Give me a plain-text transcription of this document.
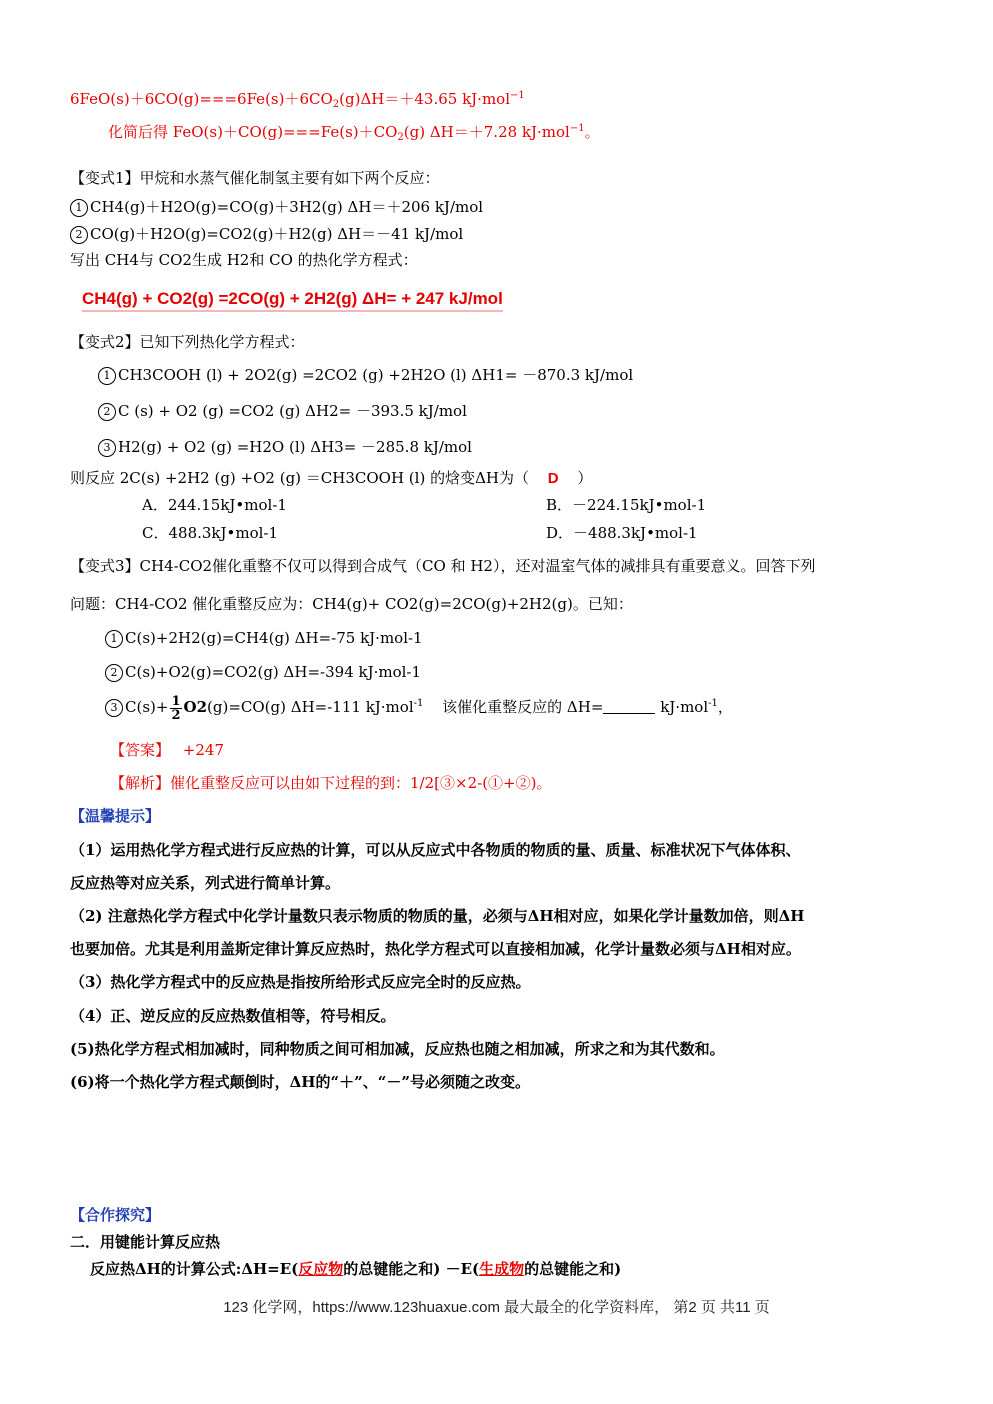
$6FeO(s)+6CO(g)===6Fe(s)+6CO_2(g)\Delta H=+43.65$ kJ·mol$^{-1}$
化简后得 $FeO(s)+CO(g)===Fe(s)+CO_2(g)$ ΔH＝＋7.28 kJ·mol$^{-1}$。
【变式1】甲烷和水蒸气催化制氢主要有如下两个反应：
1 CH4(g)＋H2O(g)=CO(g)＋3H2(g) ΔH＝＋206 kJ/mol
2 CO(g)＋H2O(g)=CO2(g)＋H2(g) ΔH＝－41 kJ/mol
写出 CH4与 CO2生成 H2和 CO 的热化学方程式：
CH4(g) + CO2(g) =2CO(g) + 2H2(g) ΔH= + 247 kJ/mol
【变式2】已知下列热化学方程式：
1 CH3COOH (l) + 2O2(g) =2CO2 (g) +2H2O (l) ΔH1= －870.3 kJ/mol
2 C (s) + O2 (g) =CO2 (g) ΔH2= －393.5 kJ/mol
3 H2(g) + O2 (g) =H2O (l) ΔH3= －285.8 kJ/mol
则反应 2C(s) +2H2 (g) +O2 (g) ＝CH3COOH (l) 的焓变ΔH为（ D ）
A．244.15kJ•mol-1	B．－224.15kJ•mol-1
C．488.3kJ•mol-1	D．－488.3kJ•mol-1
【变式3】CH4-CO2催化重整不仅可以得到合成气（CO 和 H2），还对温室气体的减排具有重要意义。回答下列
问题：CH4-CO2 催化重整反应为：CH4(g)+ CO2(g)=2CO(g)+2H2(g)。已知：
1 C(s)+2H2(g)=CH4(g) ΔH=-75 kJ·mol-1
2 C(s)+O2(g)=CO2(g) ΔH=-394 kJ·mol-1
3 $C(s)+ \frac{1}{2} O2(g)=CO(g)$ ΔH=-111 kJ·mol$^{-1}$ 该催化重整反应的 ΔH=	kJ·mol$^{-1}$，
【答案】 +247
【解析】催化重整反应可以由如下过程的到：1/2[③×2-(①+②)。
【温馨提示】
（1）运用热化学方程式进行反应热的计算，可以从反应式中各物质的物质的量、质量、标准状况下气体体积、
反应热等对应关系，列式进行简单计算。
（2) 注意热化学方程式中化学计量数只表示物质的物质的量，必须与ΔH相对应，如果化学计量数加倍，则ΔH
也要加倍。尤其是利用盖斯定律计算反应热时，热化学方程式可以直接相加减，化学计量数必须与ΔH相对应。
（3）热化学方程式中的反应热是指按所给形式反应完全时的反应热。
（4）正、逆反应的反应热数值相等，符号相反。
(5)热化学方程式相加减时，同种物质之间可相加减，反应热也随之相加减，所求之和为其代数和。
(6)将一个热化学方程式颠倒时，ΔH的“＋”、“－”号必须随之改变。
【合作探究】
二．用键能计算反应热
反应热ΔH的计算公式:ΔH=E(反应物的总键能之和) －E(生成物的总键能之和)
123 化学网，https://www.123huaxue.com 最大最全的化学资料库， 第2 页 共11 页
